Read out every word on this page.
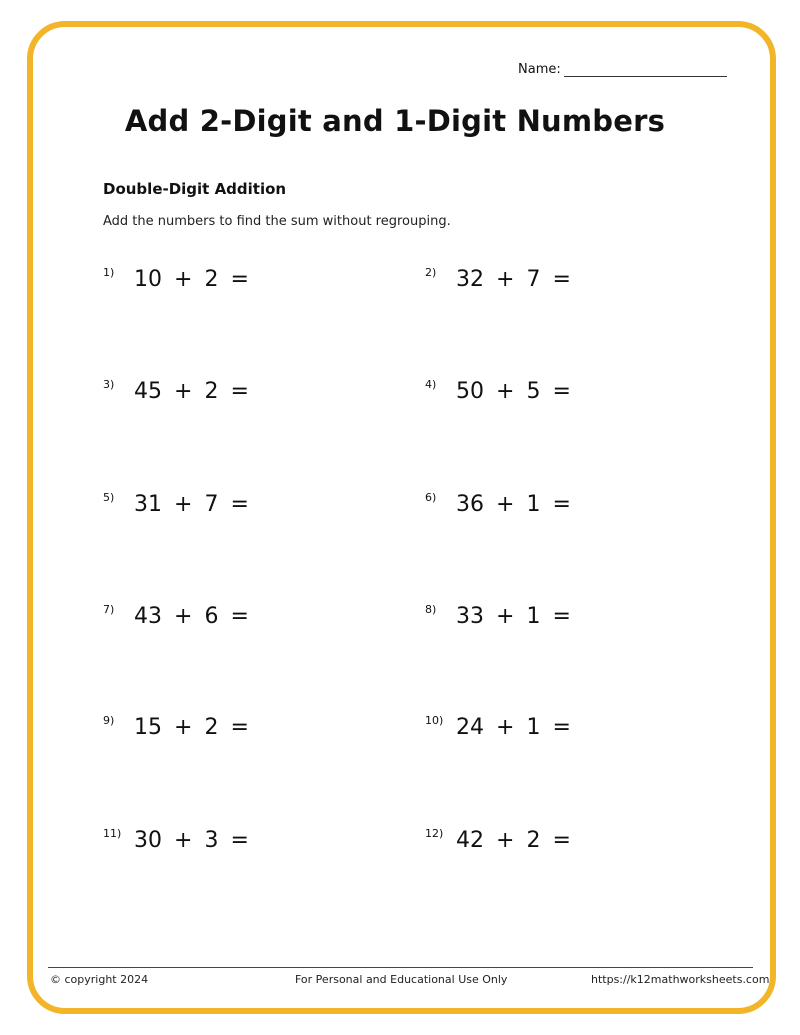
Name:
Add 2-Digit and 1-Digit Numbers
Double-Digit Addition
Add the numbers to find the sum without regrouping.
1) 10 + 2 =	2) 32 + 7 =
3) 45 + 2 =	4) 50 + 5 =
5) 31 + 7 =	6) 36 + 1 =
7) 43 + 6 =	8) 33 + 1 =
9) 15 + 2 =	10) 24 + 1 =
11) 30 + 3 =	12) 42 + 2 =
© copyright 2024	For Personal and Educational Use Only	https://k12mathworksheets.com
